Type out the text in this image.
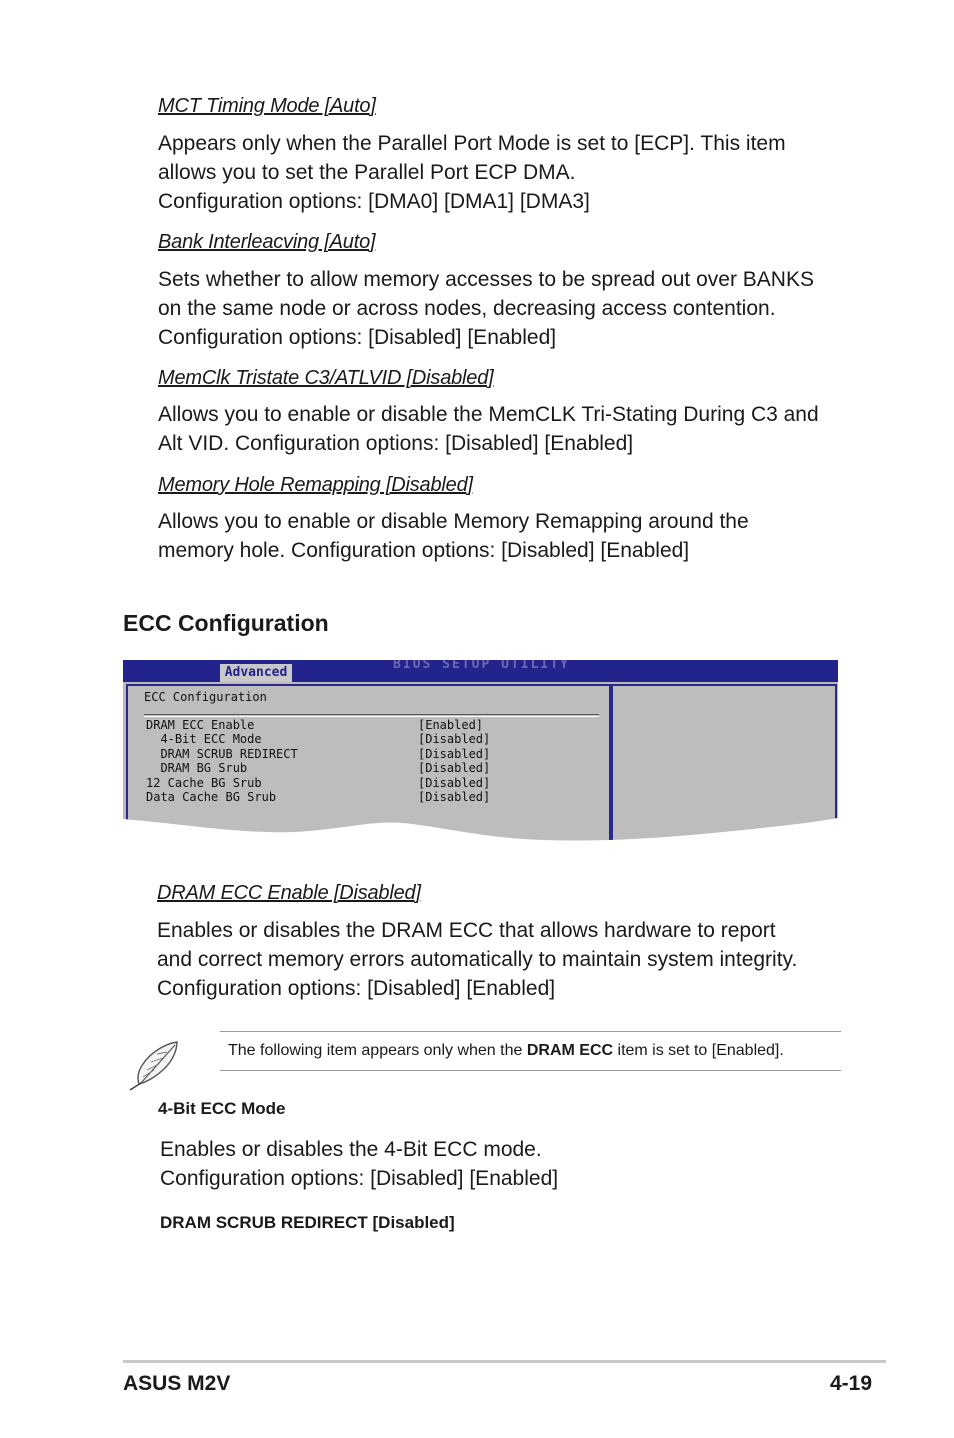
MCT Timing Mode [Auto]
Appears only when the Parallel Port Mode is set to [ECP]. This item
allows you to set the Parallel Port ECP DMA.
Configuration options: [DMA0] [DMA1] [DMA3]
Bank Interleacving [Auto]
Sets whether to allow memory accesses to be spread out over BANKS
on the same node or across nodes, decreasing access contention.
Configuration options: [Disabled] [Enabled]
MemClk Tristate C3/ATLVID [Disabled]
Allows you to enable or disable the MemCLK Tri-Stating During C3 and
Alt VID. Configuration options: [Disabled] [Enabled]
Memory Hole Remapping [Disabled]
Allows you to enable or disable Memory Remapping around the
memory hole. Configuration options: [Disabled] [Enabled]
ECC Configuration
BIOS SETUP UTILITY
Advanced
ECC Configuration
DRAM ECC Enable	[Enabled]
4-Bit ECC Mode	[Disabled]
DRAM SCRUB REDIRECT	[Disabled]
DRAM BG Srub	[Disabled]
12 Cache BG Srub	[Disabled]
Data Cache BG Srub	[Disabled]
DRAM ECC Enable [Disabled]
Enables or disables the DRAM ECC that allows hardware to report
and correct memory errors automatically to maintain system integrity.
Configuration options: [Disabled] [Enabled]
The following item appears only when the DRAM ECC item is set to [Enabled].
4-Bit ECC Mode
Enables or disables the 4-Bit ECC mode.
Configuration options: [Disabled] [Enabled]
DRAM SCRUB REDIRECT [Disabled]
ASUS M2V	4-19
